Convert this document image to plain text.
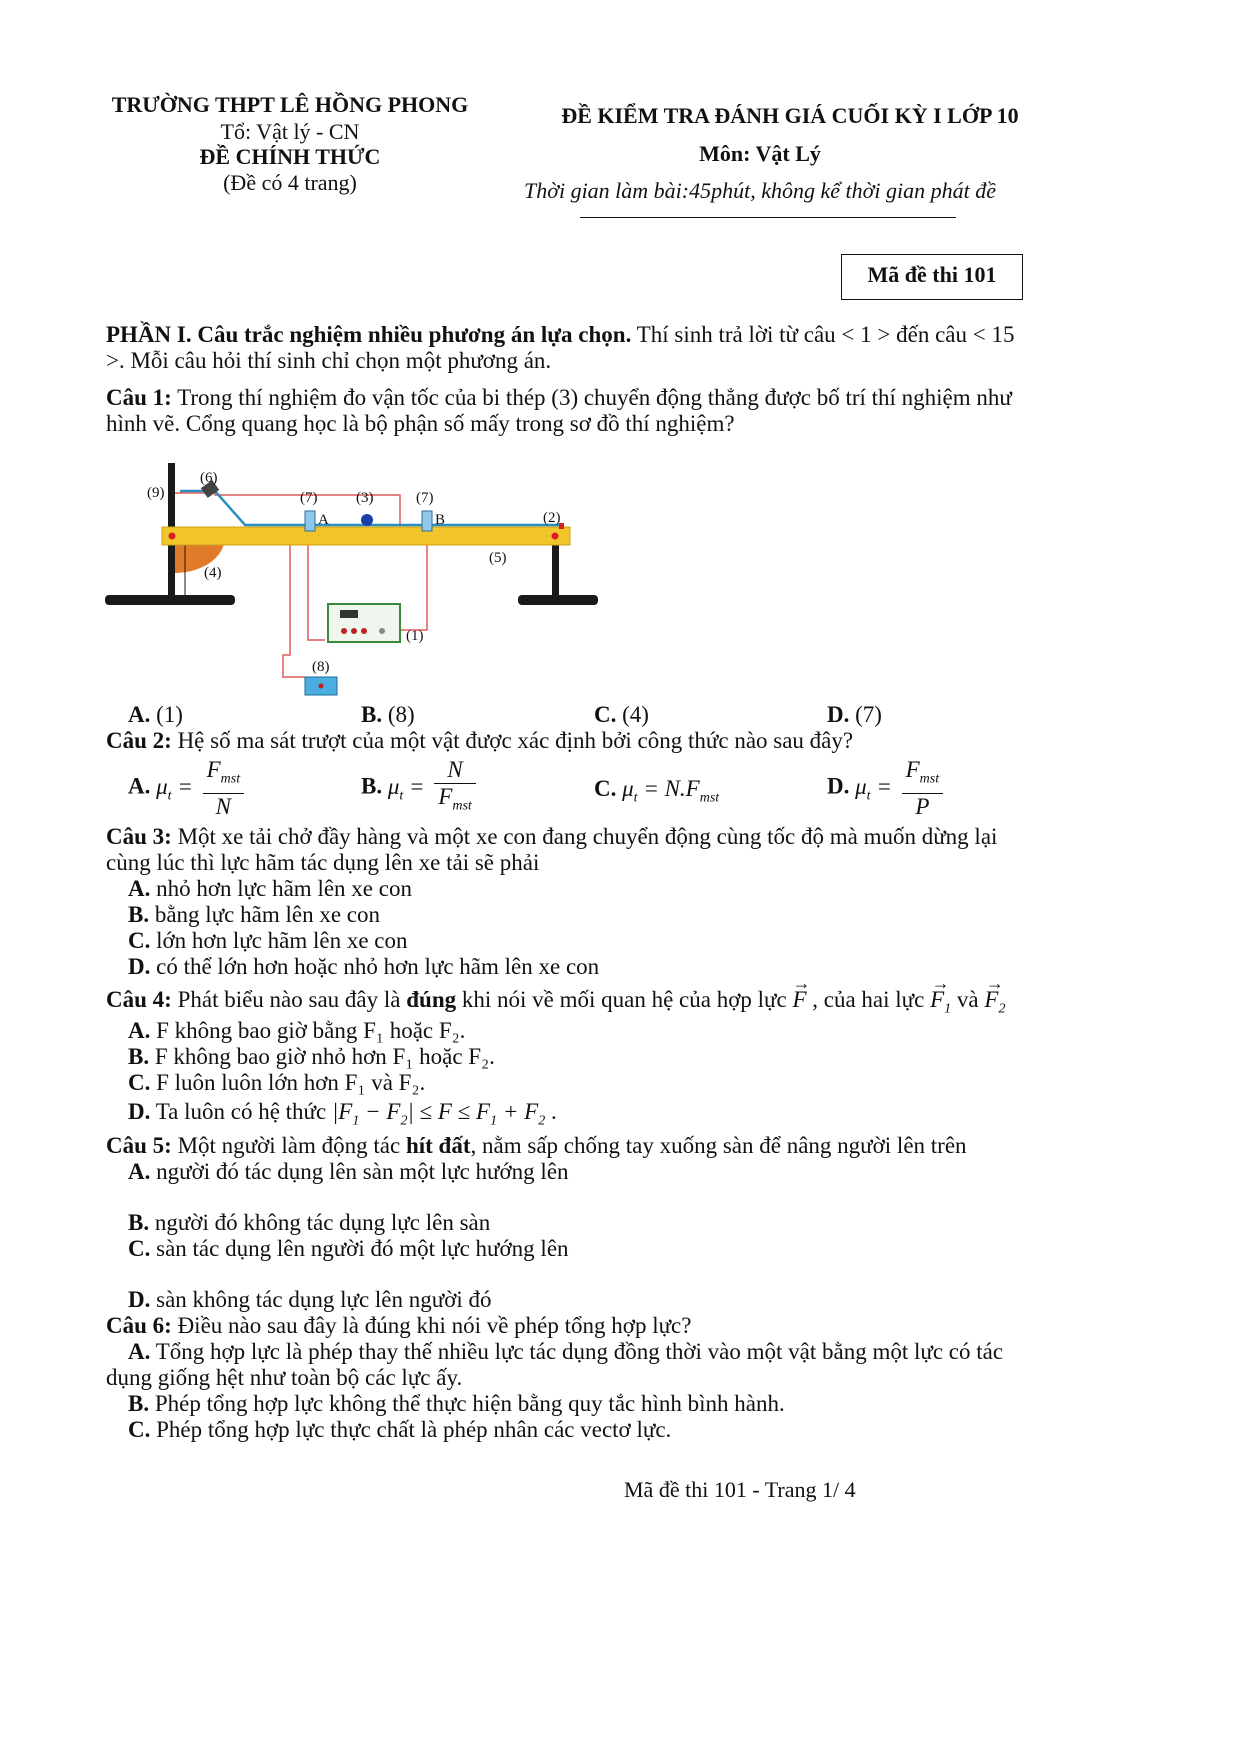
TRƯỜNG THPT LÊ HỒNG PHONG
Tổ: Vật lý - CN
ĐỀ CHÍNH THỨC
(Đề có 4 trang)
ĐỀ KIỂM TRA ĐÁNH GIÁ CUỐI KỲ I LỚP 10
Môn: Vật Lý
Thời gian làm bài:45phút, không kể thời gian phát đề
Mã đề thi 101
PHẦN I. Câu trắc nghiệm nhiều phương án lựa chọn. Thí sinh trả lời từ câu < 1 > đến câu < 15
>. Mỗi câu hỏi thí sinh chỉ chọn một phương án.
Câu 1: Trong thí nghiệm đo vận tốc của bi thép (3) chuyển động thẳng được bố trí thí nghiệm như
hình vẽ. Cổng quang học là bộ phận số mấy trong sơ đồ thí nghiệm?
(9)
(6)
(7)	(3)	(7)
(2)
A	B
(5)
(4)
(1)
(8)
A. (1)	B. (8)	C. (4)	D. (7)
Câu 2: Hệ số ma sát trượt của một vật được xác định bởi công thức nào sau đây?
A. $\mu_t = \frac{F_{mst}}{N}$	B. $\mu_t = \frac{N}{F_{mst}}$	C. $\mu_t = N.F_{mst}$	D. $\mu_t = \frac{F_{mst}}{P}$
Câu 3: Một xe tải chở đầy hàng và một xe con đang chuyển động cùng tốc độ mà muốn dừng lại
cùng lúc thì lực hãm tác dụng lên xe tải sẽ phải
A. nhỏ hơn lực hãm lên xe con
B. bằng lực hãm lên xe con
C. lớn hơn lực hãm lên xe con
D. có thể lớn hơn hoặc nhỏ hơn lực hãm lên xe con
Câu 4: Phát biểu nào sau đây là đúng khi nói về mối quan hệ của hợp lực → F , của hai lực → $F_1$ và → $F_2$
A. F không bao giờ bằng F₁ hoặc F₂.
B. F không bao giờ nhỏ hơn F₁ hoặc F₂.
C. F luôn luôn lớn hơn F₁ và F₂.
D. Ta luôn có hệ thức $|F_1 - F_2| \le F \le F_1 + F_2$ .
Câu 5: Một người làm động tác hít đất, nằm sấp chống tay xuống sàn để nâng người lên trên
A. người đó tác dụng lên sàn một lực hướng lên
B. người đó không tác dụng lực lên sàn
C. sàn tác dụng lên người đó một lực hướng lên
D. sàn không tác dụng lực lên người đó
Câu 6: Điều nào sau đây là đúng khi nói về phép tổng hợp lực?
A. Tổng hợp lực là phép thay thế nhiều lực tác dụng đồng thời vào một vật bằng một lực có tác
dụng giống hệt như toàn bộ các lực ấy.
B. Phép tổng hợp lực không thể thực hiện bằng quy tắc hình bình hành.
C. Phép tổng hợp lực thực chất là phép nhân các vectơ lực.
Mã đề thi 101 - Trang 1/ 4
